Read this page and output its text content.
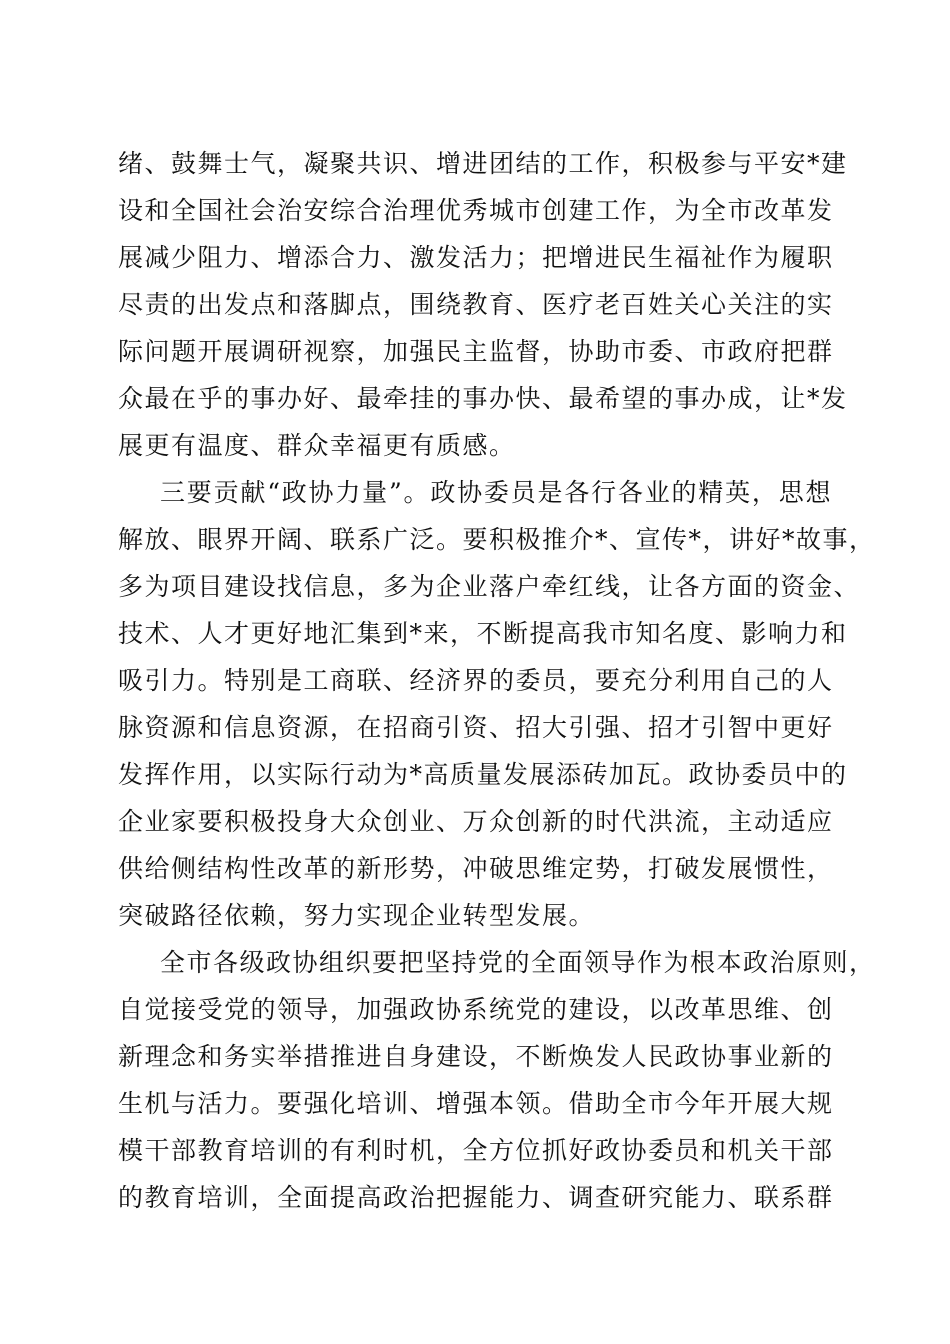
绪、鼓舞士气，凝聚共识、增进团结的工作，积极参与平安*建
设和全国社会治安综合治理优秀城市创建工作，为全市改革发
展减少阻力、增添合力、激发活力；把增进民生福祉作为履职
尽责的出发点和落脚点，围绕教育、医疗老百姓关心关注的实
际问题开展调研视察，加强民主监督，协助市委、市政府把群
众最在乎的事办好、最牵挂的事办快、最希望的事办成，让*发
展更有温度、群众幸福更有质感。
三要贡献“政协力量”。政协委员是各行各业的精英，思想
解放、眼界开阔、联系广泛。要积极推介*、宣传*，讲好*故事，
多为项目建设找信息，多为企业落户牵红线，让各方面的资金、
技术、人才更好地汇集到*来，不断提高我市知名度、影响力和
吸引力。特别是工商联、经济界的委员，要充分利用自己的人
脉资源和信息资源，在招商引资、招大引强、招才引智中更好
发挥作用，以实际行动为*高质量发展添砖加瓦。政协委员中的
企业家要积极投身大众创业、万众创新的时代洪流，主动适应
供给侧结构性改革的新形势，冲破思维定势，打破发展惯性，
突破路径依赖，努力实现企业转型发展。
全市各级政协组织要把坚持党的全面领导作为根本政治原则，
自觉接受党的领导，加强政协系统党的建设，以改革思维、创
新理念和务实举措推进自身建设，不断焕发人民政协事业新的
生机与活力。要强化培训、增强本领。借助全市今年开展大规
模干部教育培训的有利时机，全方位抓好政协委员和机关干部
的教育培训，全面提高政治把握能力、调查研究能力、联系群
